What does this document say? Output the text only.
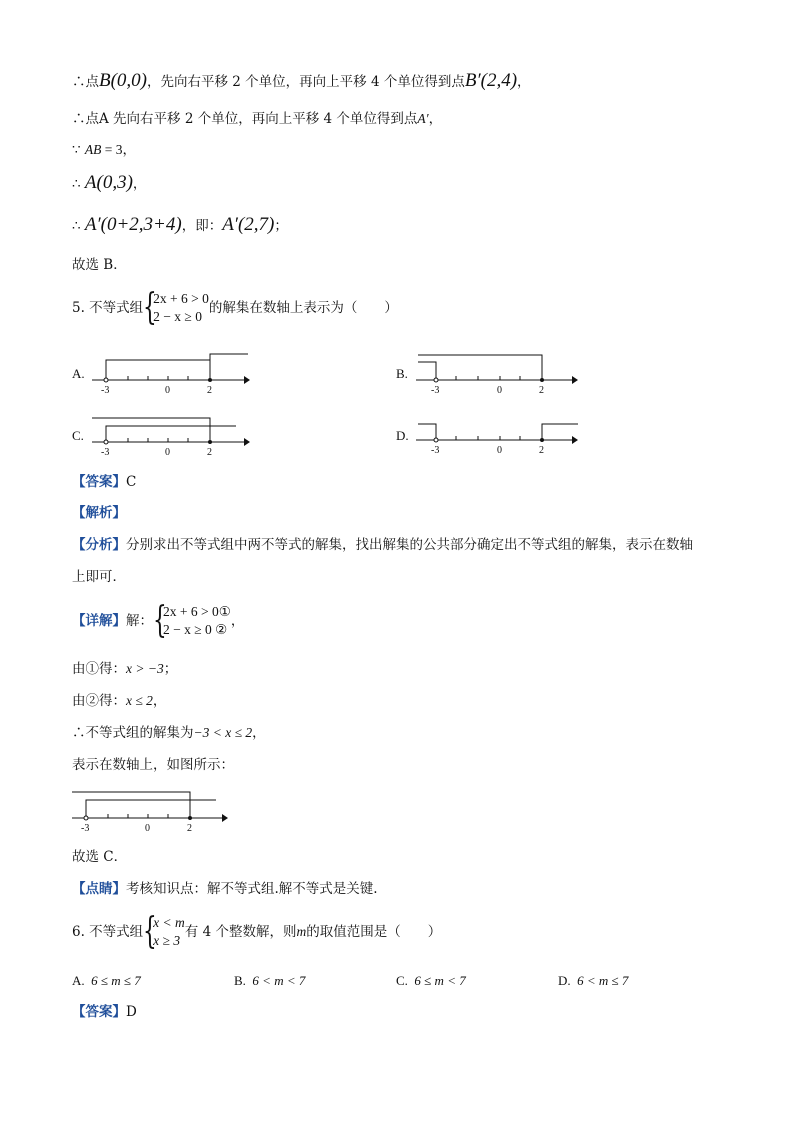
∴点B(0,0)，先向右平移 2 个单位，再向上平移 4 个单位得到点B′(2,4)，
∴点A 先向右平移 2 个单位，再向上平移 4 个单位得到点A′，
∵ AB = 3，
∴ A(0,3)，
∴ A′(0+2,3+4)，即：A′(2,7)；
故选 B．
5. 不等式组 {
2x + 6 > 0
2 − x ≥ 0
的解集在数轴上表示为（　　）
A.	B.
C.	D.
-3	0	2	-3	0	2
-3	0	2	-3	0	2
-3	0	2
【答案】C
【解析】
【分析】分别求出不等式组中两不等式的解集，找出解集的公共部分确定出不等式组的解集，表示在数轴
上即可．
【详解】解： {
2x + 6 > 0①
2 − x ≥ 0 ②
，
由①得：x > −3；
由②得：x ≤ 2，
∴不等式组的解集为−3 < x ≤ 2，
表示在数轴上，如图所示：
故选 C．
【点睛】考核知识点：解不等式组.解不等式是关键.
6. 不等式组 {
x < m
x ≥ 3
有 4 个整数解，则m的取值范围是（　　）
A. 6 ≤ m ≤ 7	B. 6 < m < 7	C. 6 ≤ m < 7	D. 6 < m ≤ 7
【答案】D
